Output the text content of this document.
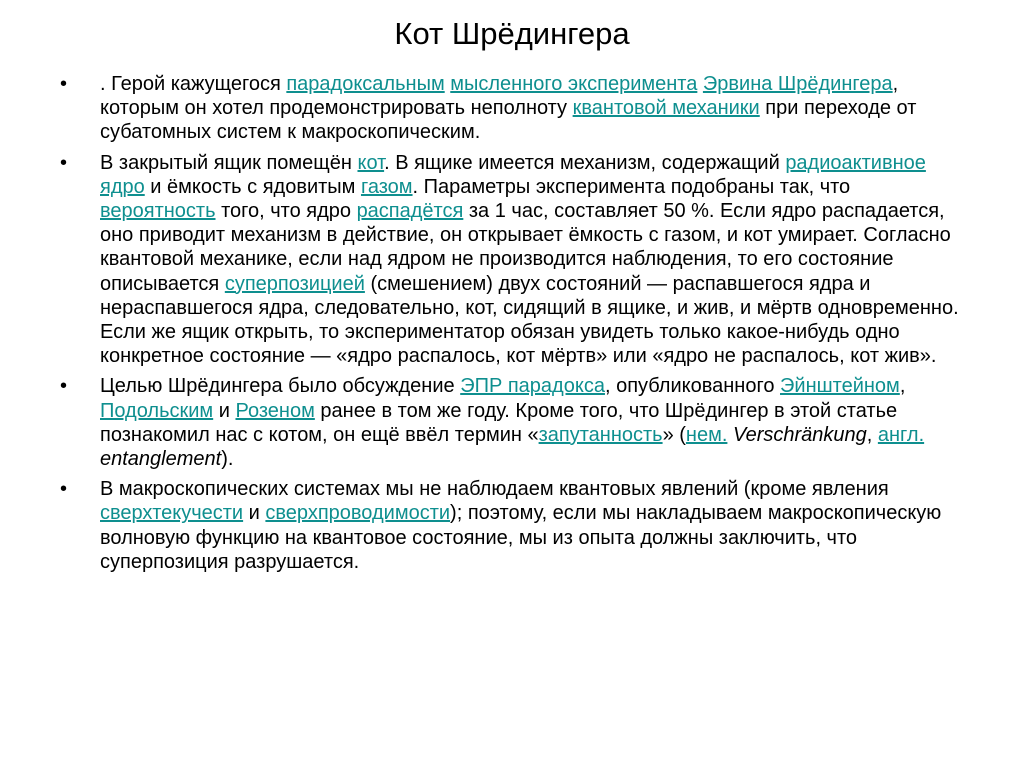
Кот Шрёдингера
• . Герой кажущегося парадоксальным мысленного эксперимента Эрвина Шрёдингера, которым он хотел продемонстрировать неполноту квантовой механики при переходе от субатомных систем к макроскопическим.
• В закрытый ящик помещён кот. В ящике имеется механизм, содержащий радиоактивное ядро и ёмкость с ядовитым газом. Параметры эксперимента подобраны так, что вероятность того, что ядро распадётся за 1 час, составляет 50 %. Если ядро распадается, оно приводит механизм в действие, он открывает ёмкость с газом, и кот умирает. Согласно квантовой механике, если над ядром не производится наблюдения, то его состояние описывается суперпозицией (смешением) двух состояний — распавшегося ядра и нераспавшегося ядра, следовательно, кот, сидящий в ящике, и жив, и мёртв одновременно. Если же ящик открыть, то экспериментатор обязан увидеть только какое-нибудь одно конкретное состояние — «ядро распалось, кот мёртв» или «ядро не распалось, кот жив».
• Целью Шрёдингера было обсуждение ЭПР парадокса, опубликованного Эйнштейном, Подольским и Розеном ранее в том же году. Кроме того, что Шрёдингер в этой статье познакомил нас с котом, он ещё ввёл термин «запутанность» (нем. Verschränkung, англ. entanglement).
• В макроскопических системах мы не наблюдаем квантовых явлений (кроме явления сверхтекучести и сверхпроводимости); поэтому, если мы накладываем макроскопическую волновую функцию на квантовое состояние, мы из опыта должны заключить, что суперпозиция разрушается.
